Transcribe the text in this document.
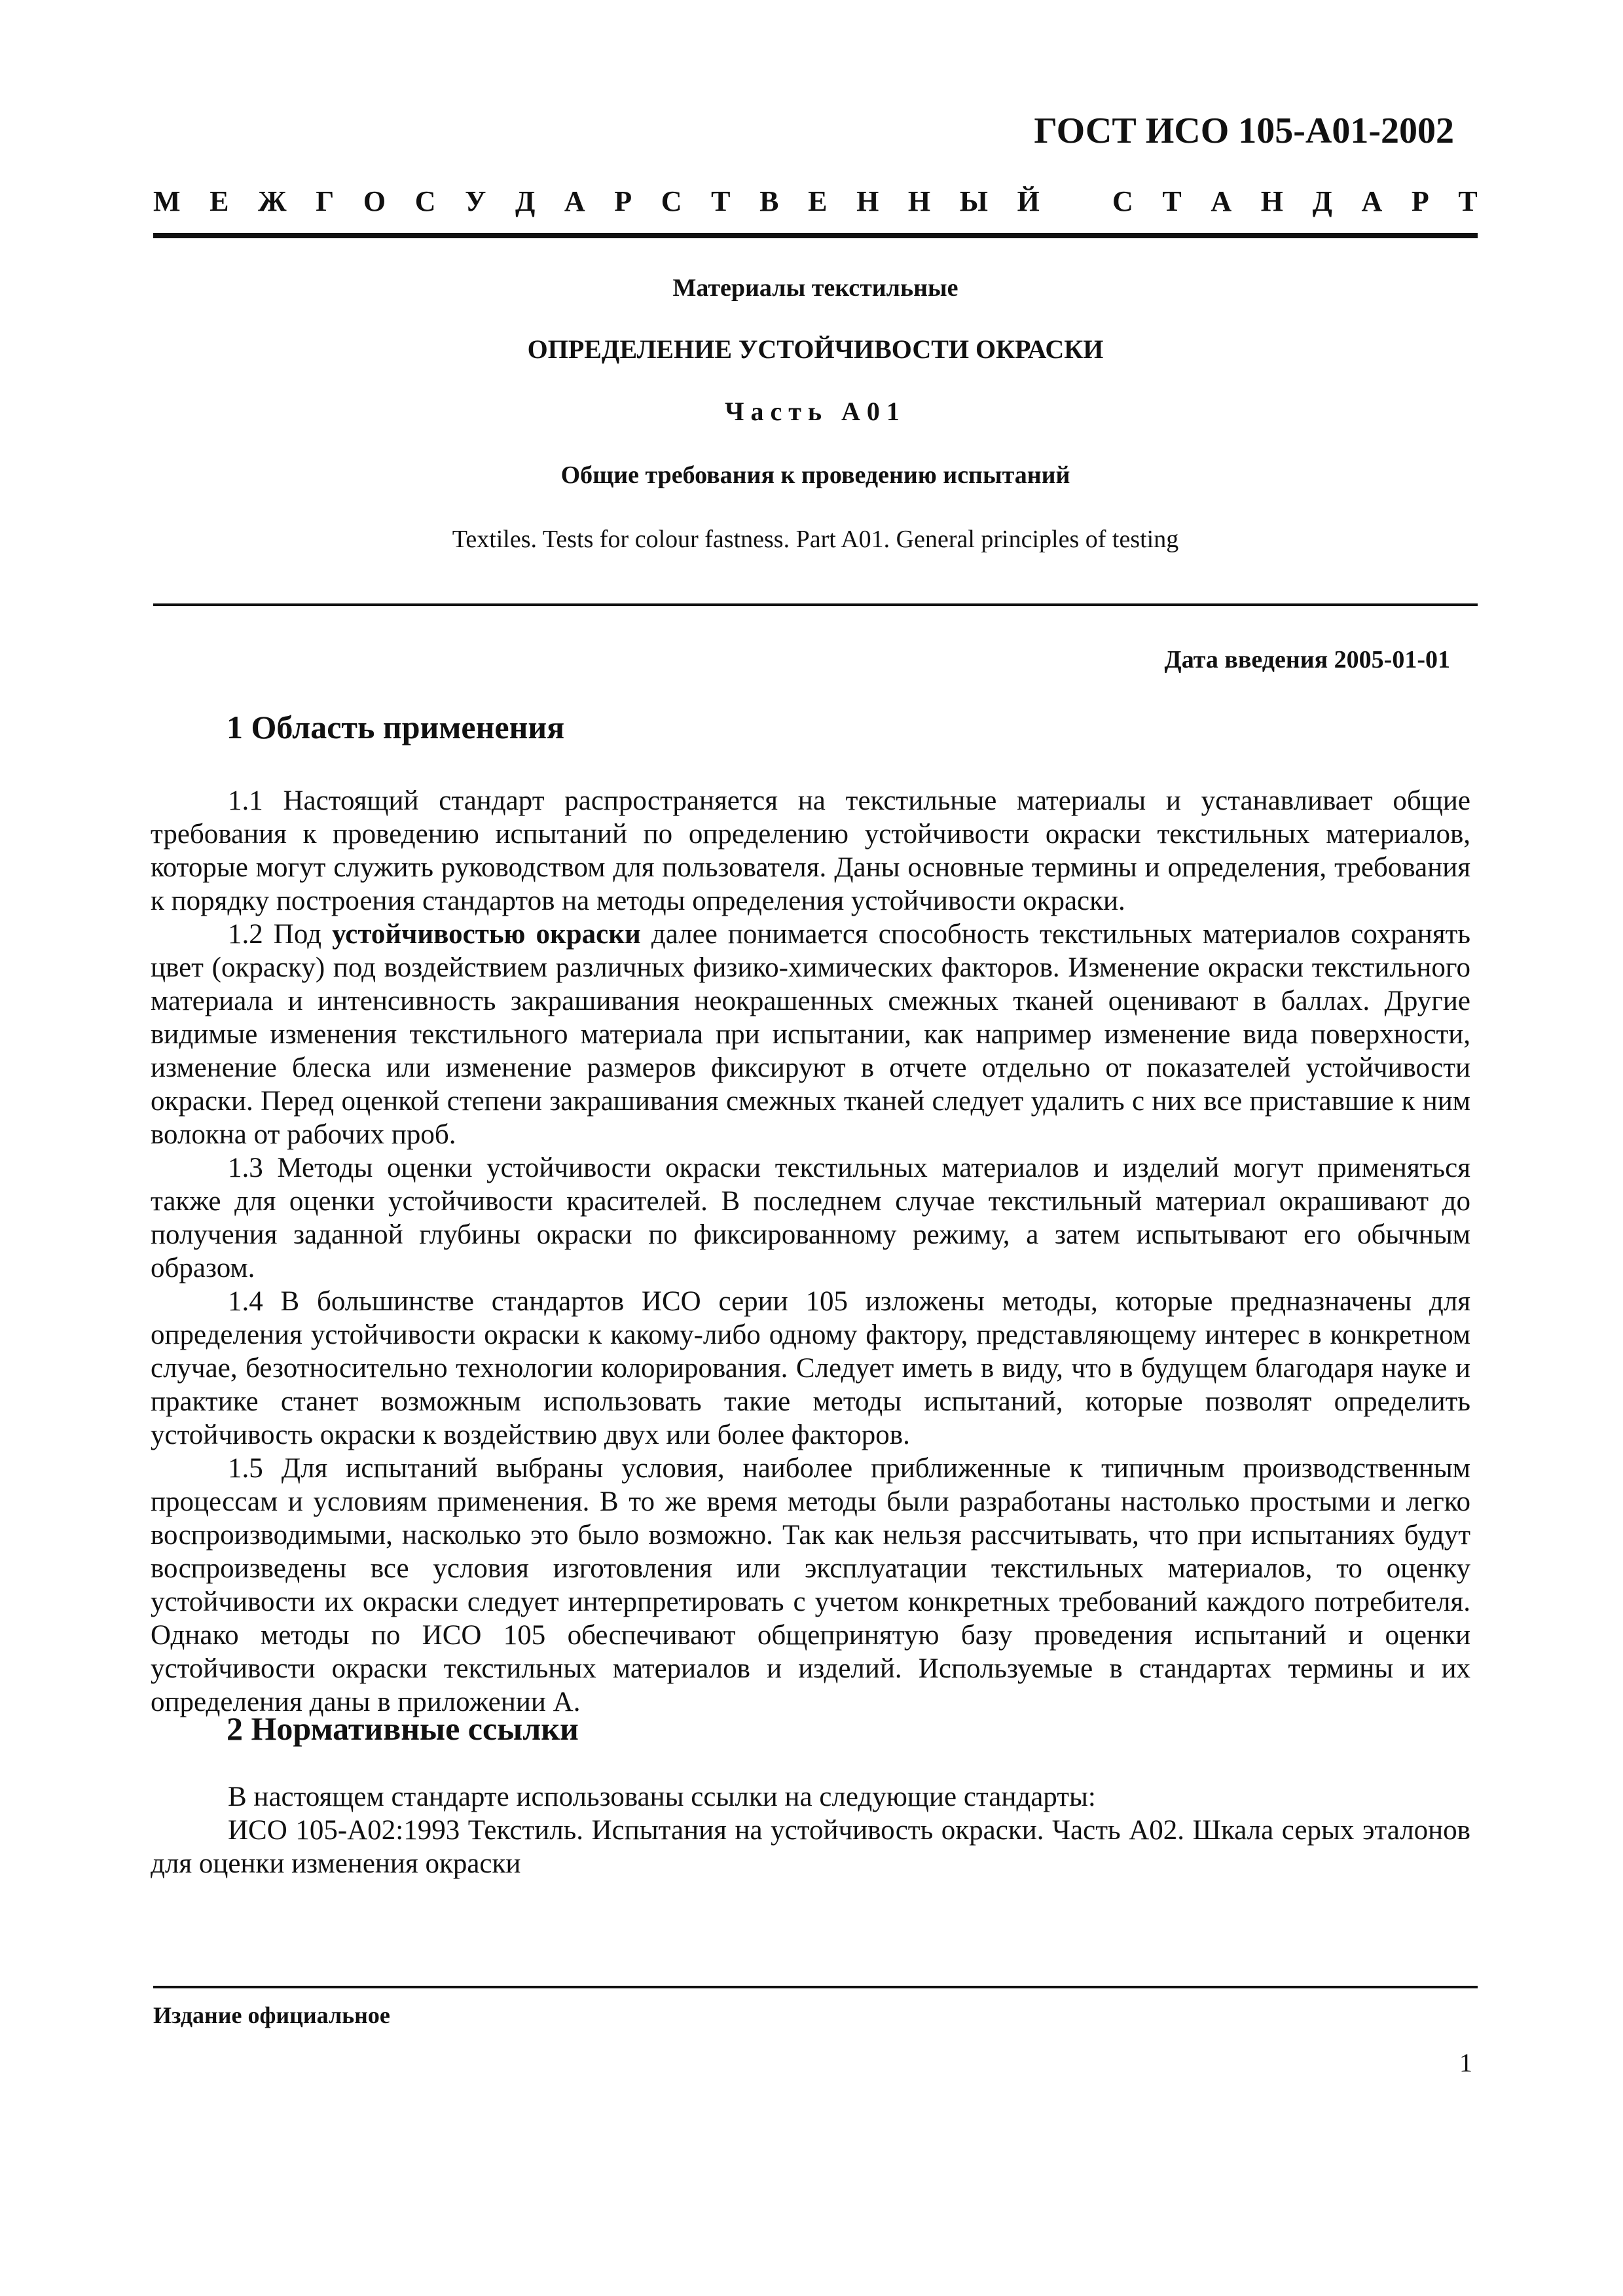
ГОСТ ИСО 105-А01-2002
М Е Ж Г О С У Д А Р С Т В Е Н Н Ы Й
	С Т А Н Д А Р Т
Материалы текстильные
ОПРЕДЕЛЕНИЕ УСТОЙЧИВОСТИ ОКРАСКИ
Часть А01
Общие требования к проведению испытаний
Textiles. Tests for colour fastness. Part A01. General principles of testing
Дата введения 2005-01-01
1 Область применения

1.1 Настоящий стандарт распространяется на текстильные материалы и устанавливает общие требования к проведению испытаний по определению устойчивости окраски текстильных материалов, которые могут служить руководством для пользователя. Даны основные термины и определения, требования к порядку построения стандартов на методы определения устойчивости окраски.

1.2 Под устойчивостью окраски далее понимается способность текстильных материалов сохранять цвет (окраску) под воздействием различных физико-химических факторов. Изменение окраски текстильного материала и интенсивность закрашивания неокрашенных смежных тканей оценивают в баллах. Другие видимые изменения текстильного материала при испытании, как например изменение вида поверхности, изменение блеска или изменение размеров фиксируют в отчете отдельно от показателей устойчивости окраски. Перед оценкой степени закрашивания смежных тканей следует удалить с них все приставшие к ним волокна от рабочих проб.

1.3 Методы оценки устойчивости окраски текстильных материалов и изделий могут применяться также для оценки устойчивости красителей. В последнем случае текстильный материал окрашивают до получения заданной глубины окраски по фиксированному режиму, а затем испытывают его обычным образом.

1.4 В большинстве стандартов ИСО серии 105 изложены методы, которые предназначены для определения устойчивости окраски к какому-либо одному фактору, представляющему интерес в конкретном случае, безотносительно технологии колорирования. Следует иметь в виду, что в будущем благодаря науке и практике станет возможным использовать такие методы испытаний, которые позволят определить устойчивость окраски к воздействию двух или более факторов.

1.5 Для испытаний выбраны условия, наиболее приближенные к типичным производственным процессам и условиям применения. В то же время методы были разработаны настолько простыми и легко воспроизводимыми, насколько это было возможно. Так как нельзя рассчитывать, что при испытаниях будут воспроизведены все условия изготовления или эксплуатации текстильных материалов, то оценку устойчивости их окраски следует интерпретировать с учетом конкретных требований каждого потребителя. Однако методы по ИСО 105 обеспечивают общепринятую базу проведения испытаний и оценки устойчивости окраски текстильных материалов и изделий. Используемые в стандартах термины и их определения даны в приложении А.

2 Нормативные ссылки

В настоящем стандарте использованы ссылки на следующие стандарты:

ИСО 105-А02:1993 Текстиль. Испытания на устойчивость окраски. Часть А02. Шкала серых эталонов для оценки изменения окраски

Издание официальное
1
